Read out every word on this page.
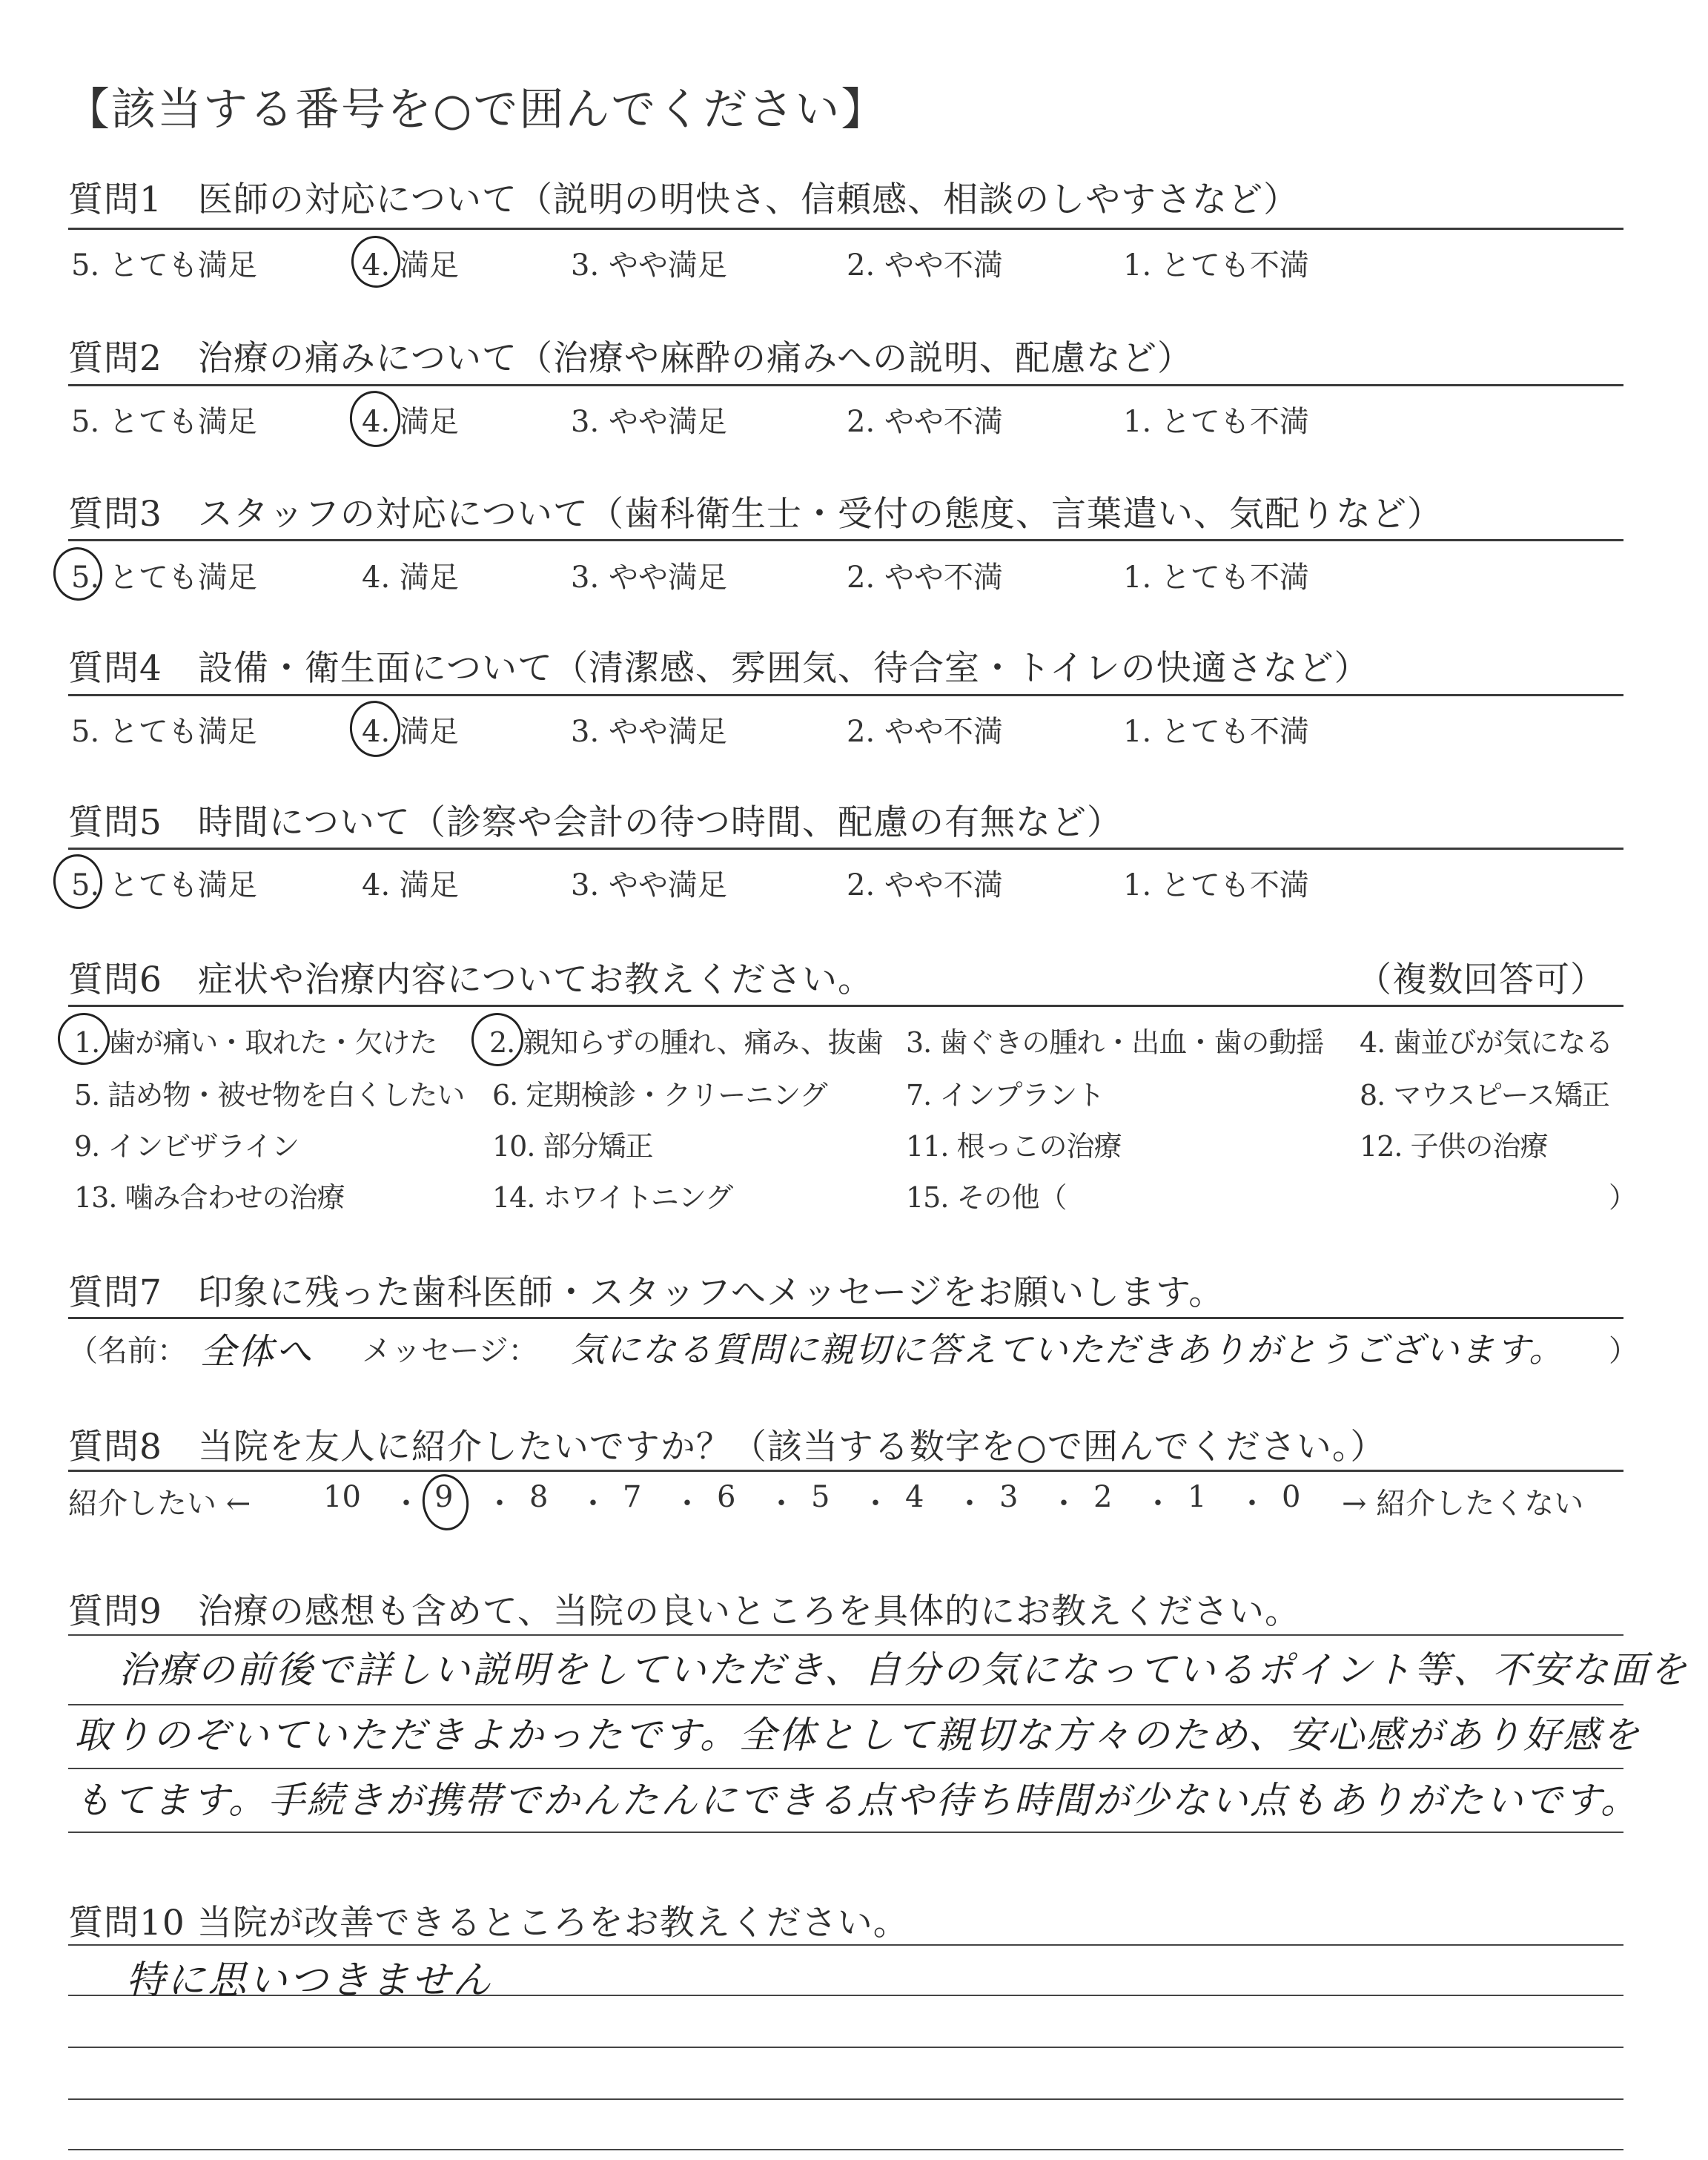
【該当する番号を○で囲んでください】
質問1　医師の対応について（説明の明快さ、信頼感、相談のしやすさなど）
5. とても満足	4. 満足	3. やや満足	2. やや不満	1. とても不満
質問2　治療の痛みについて（治療や麻酔の痛みへの説明、配慮など）
5. とても満足	4. 満足	3. やや満足	2. やや不満	1. とても不満
質問3　スタッフの対応について（歯科衛生士・受付の態度、言葉遣い、気配りなど）
5. とても満足	4. 満足	3. やや満足	2. やや不満	1. とても不満
質問4　設備・衛生面について（清潔感、雰囲気、待合室・トイレの快適さなど）
5. とても満足	4. 満足	3. やや満足	2. やや不満	1. とても不満
質問5　時間について（診察や会計の待つ時間、配慮の有無など）
5. とても満足	4. 満足	3. やや満足	2. やや不満	1. とても不満
質問6　症状や治療内容についてお教えください。	（複数回答可）
1. 歯が痛い・取れた・欠けた 2. 親知らずの腫れ、痛み、抜歯 3. 歯ぐきの腫れ・出血・歯の動揺 4. 歯並びが気になる
5. 詰め物・被せ物を白くしたい 6. 定期検診・クリーニング	7. インプラント	8. マウスピース矯正
9. インビザライン	10. 部分矯正	11. 根っこの治療	12. 子供の治療
13. 噛み合わせの治療	14. ホワイトニング	15. その他（	）
質問7　印象に残った歯科医師・スタッフへメッセージをお願いします。
（名前： 全体へ メッセージ： 気になる質問に親切に答えていただきありがとうございます。 ）
質問8　当院を友人に紹介したいですか？（該当する数字を○で囲んでください。）
紹介したい ←	→ 紹介したくない
10 9	8	7	6	5	4	3	2	1	0
・ ・ ・ ・ ・ ・ ・ ・ ・ ・
質問9　治療の感想も含めて、当院の良いところを具体的にお教えください。
治療の前後で詳しい説明をしていただき、自分の気になっているポイント等、不安な面を
取りのぞいていただきよかったです。全体として親切な方々のため、安心感があり好感を
もてます。手続きが携帯でかんたんにできる点や待ち時間が少ない点もありがたいです。
質問10 当院が改善できるところをお教えください。
特に思いつきません
